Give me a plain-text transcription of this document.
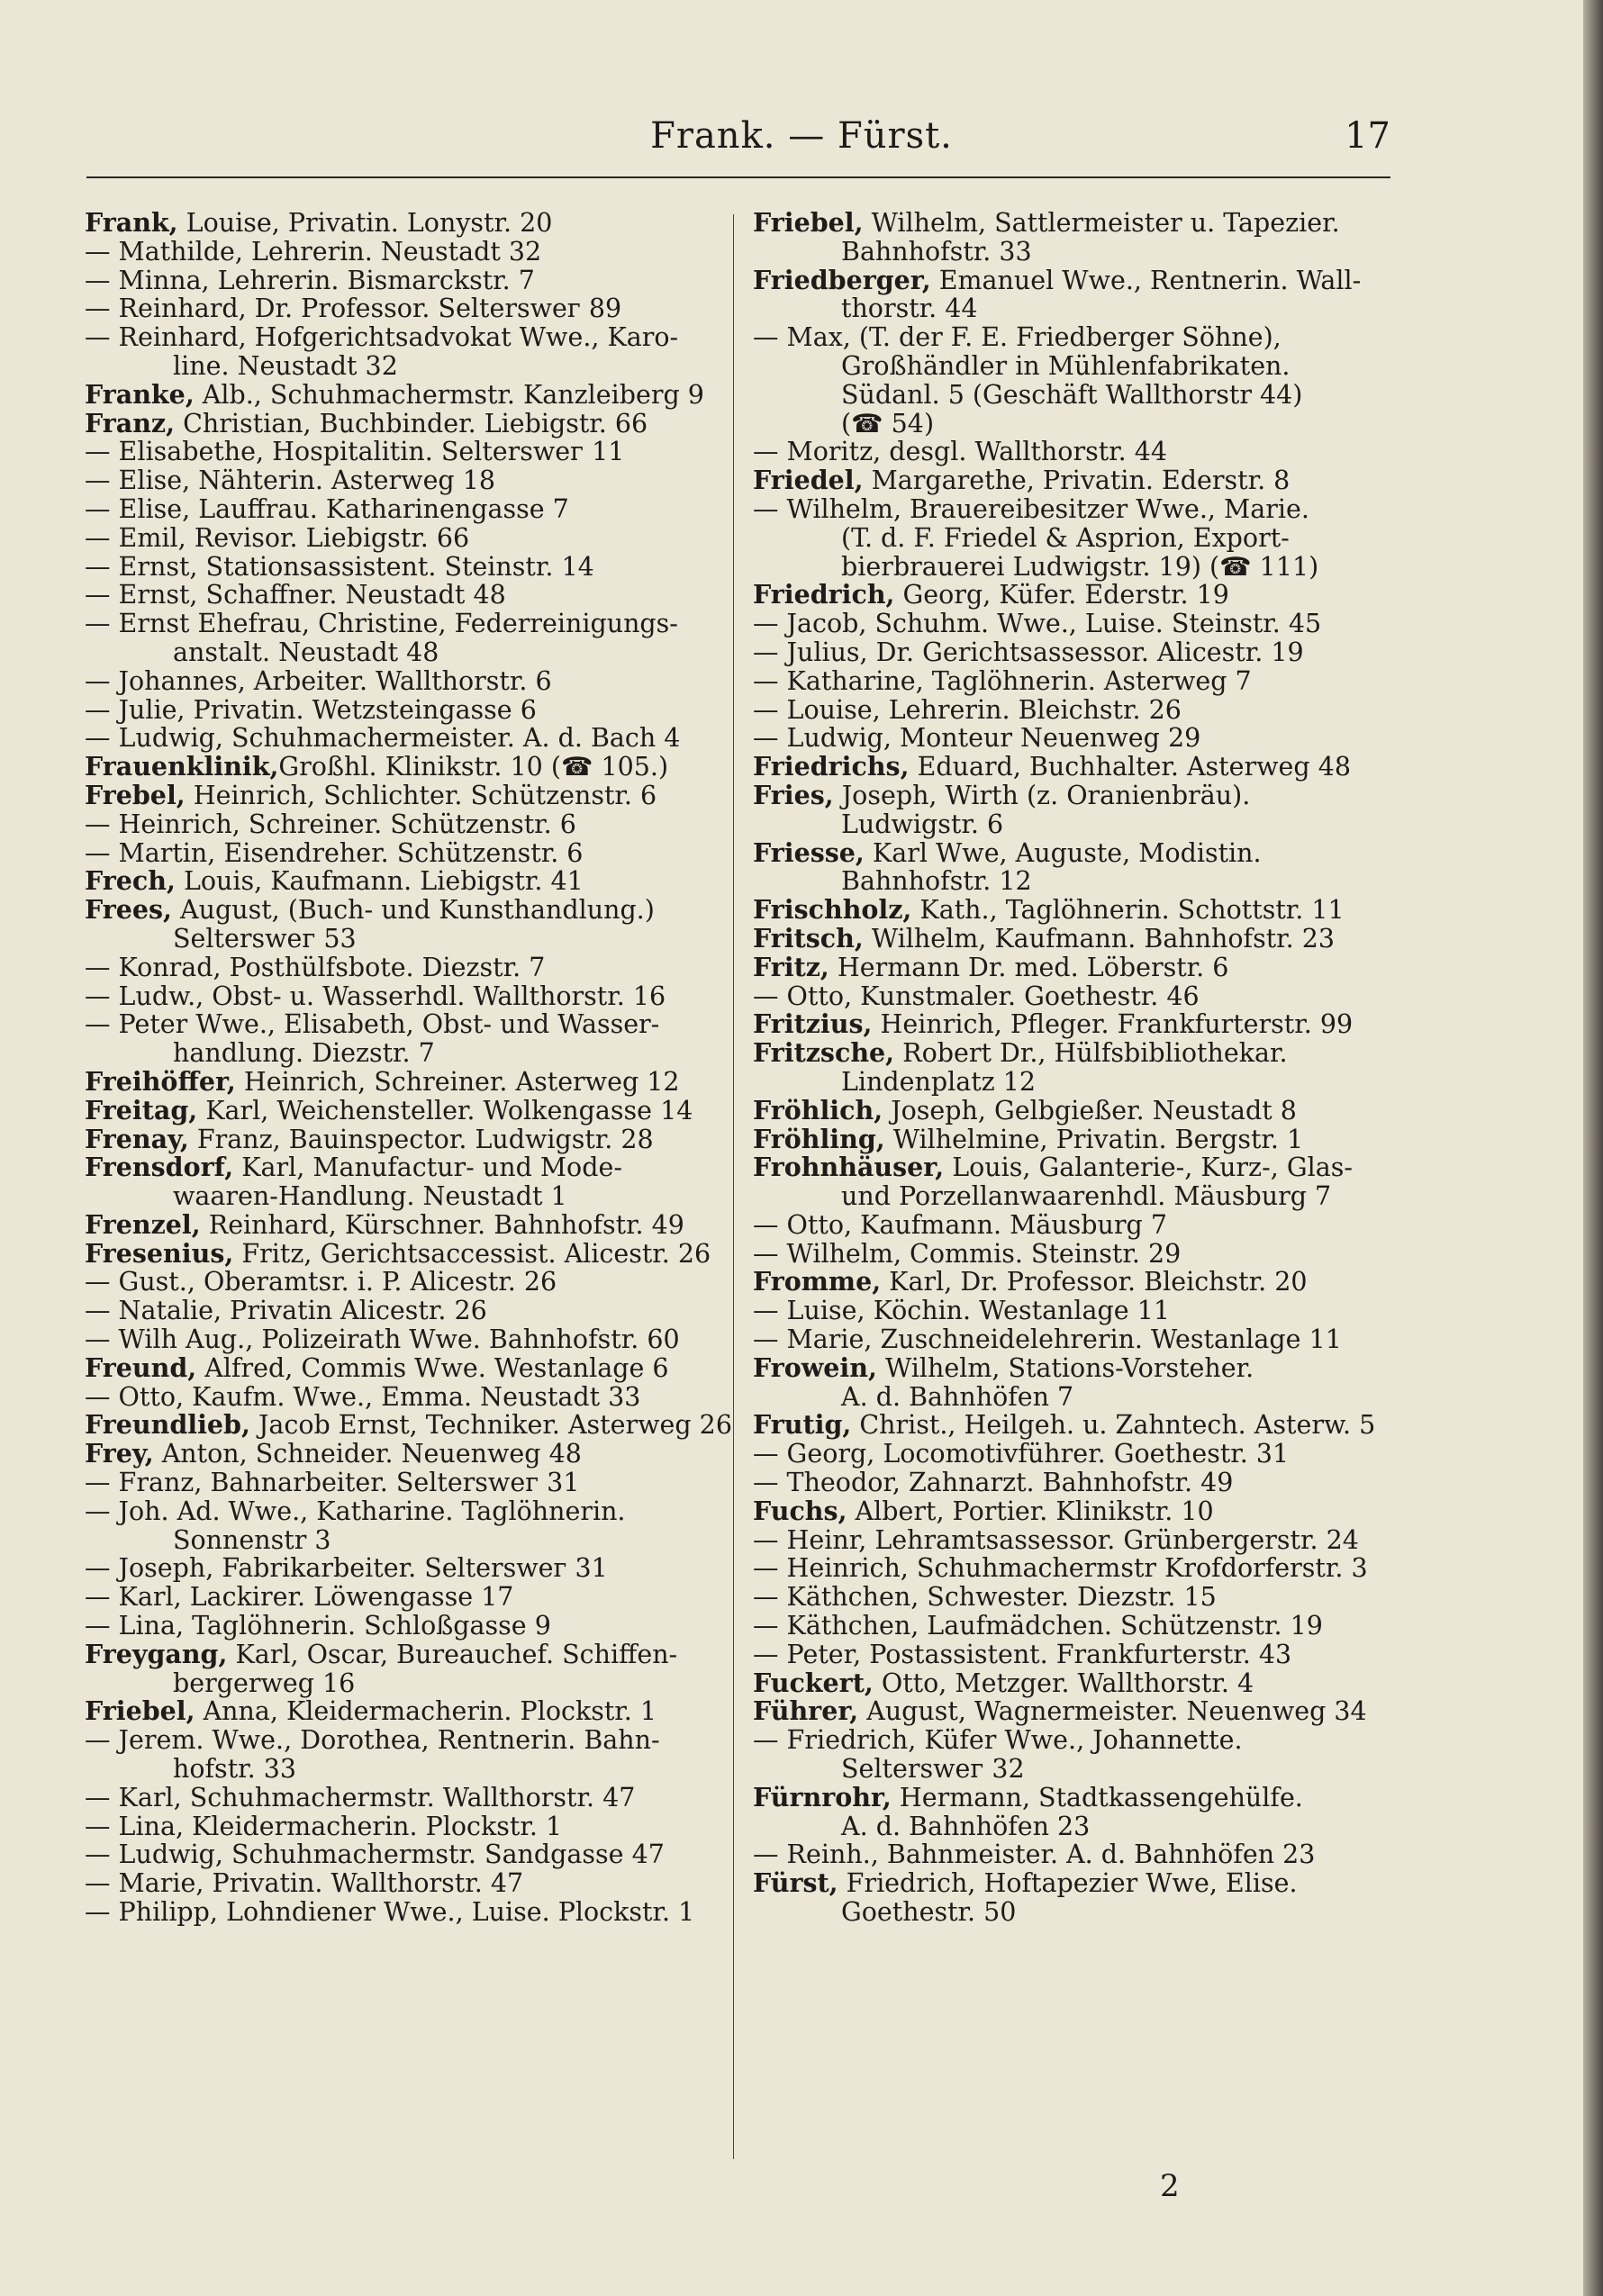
Frank. — Fürst.	17
Frank, Louise, Privatin. Lonystr. 20
— Mathilde, Lehrerin. Neustadt 32
— Minna, Lehrerin. Bismarckstr. 7
— Reinhard, Dr. Professor. Selterswег 89
— Reinhard, Hofgerichtsadvokat Wwe., Karo-
line. Neustadt 32
Franke, Alb., Schuhmachermstr. Kanzleiberg 9
Franz, Christian, Buchbinder. Liebigstr. 66
— Elisabethe, Hospitalitin. Selterswег 11
— Elise, Nähterin. Asterweg 18
— Elise, Lauffrau. Katharinengasse 7
— Emil, Revisor. Liebigstr. 66
— Ernst, Stationsassistent. Steinstr. 14
— Ernst, Schaffner. Neustadt 48
— Ernst Ehefrau, Christine, Federreinigungs-
anstalt. Neustadt 48
— Johannes, Arbeiter. Wallthorstr. 6
— Julie, Privatin. Wetzsteingasse 6
— Ludwig, Schuhmachermeister. A. d. Bach 4
Frauenklinik,Großhl. Klinikstr. 10 (☎ 105.)
Frebel, Heinrich, Schlichter. Schützenstr. 6
— Heinrich, Schreiner. Schützenstr. 6
— Martin, Eisendreher. Schützenstr. 6
Frech, Louis, Kaufmann. Liebigstr. 41
Frees, August, (Buch- und Kunsthandlung.)
Selterswег 53
— Konrad, Posthülfsbote. Diezstr. 7
— Ludw., Obst- u. Wasserhdl. Wallthorstr. 16
— Peter Wwe., Elisabeth, Obst- und Wasser-
handlung. Diezstr. 7
Freihöffer, Heinrich, Schreiner. Asterweg 12
Freitag, Karl, Weichensteller. Wolkengasse 14
Frenay, Franz, Bauinspector. Ludwigstr. 28
Frensdorf, Karl, Manufactur- und Mode-
waaren-Handlung. Neustadt 1
Frenzel, Reinhard, Kürschner. Bahnhofstr. 49
Fresenius, Fritz, Gerichtsaccessist. Alicestr. 26
— Gust., Oberamtsr. i. P. Alicestr. 26
— Natalie, Privatin Alicestr. 26
— Wilh Aug., Polizeirath Wwe. Bahnhofstr. 60
Freund, Alfred, Commis Wwe. Westanlage 6
— Otto, Kaufm. Wwe., Emma. Neustadt 33
Freundlieb, Jacob Ernst, Techniker. Asterweg 26
Frey, Anton, Schneider. Neuenweg 48
— Franz, Bahnarbeiter. Selterswег 31
— Joh. Ad. Wwe., Katharine. Taglöhnerin.
Sonnenstr 3
— Joseph, Fabrikarbeiter. Selterswег 31
— Karl, Lackirer. Löwengasse 17
— Lina, Taglöhnerin. Schloßgasse 9
Freygang, Karl, Oscar, Bureauchef. Schiffen-
bergerweg 16
Friebel, Anna, Kleidermacherin. Plockstr. 1
— Jerem. Wwe., Dorothea, Rentnerin. Bahn-
hofstr. 33
— Karl, Schuhmachermstr. Wallthorstr. 47
— Lina, Kleidermacherin. Plockstr. 1
— Ludwig, Schuhmachermstr. Sandgasse 47
— Marie, Privatin. Wallthorstr. 47
— Philipp, Lohndiener Wwe., Luise. Plockstr. 1
Friebel, Wilhelm, Sattlermeister u. Tapezier.
Bahnhofstr. 33
Friedberger, Emanuel Wwe., Rentnerin. Wall-
thorstr. 44
— Max, (T. der F. E. Friedberger Söhne),
Großhändler in Mühlenfabrikaten.
Südanl. 5 (Geschäft Wallthorstr 44)
(☎ 54)
— Moritz, desgl. Wallthorstr. 44
Friedel, Margarethe, Privatin. Ederstr. 8
— Wilhelm, Brauereibesitzer Wwe., Marie.
(T. d. F. Friedel & Asprion, Export-
bierbrauerei Ludwigstr. 19) (☎ 111)
Friedrich, Georg, Küfer. Ederstr. 19
— Jacob, Schuhm. Wwe., Luise. Steinstr. 45
— Julius, Dr. Gerichtsassessor. Alicestr. 19
— Katharine, Taglöhnerin. Asterweg 7
— Louise, Lehrerin. Bleichstr. 26
— Ludwig, Monteur Neuenweg 29
Friedrichs, Eduard, Buchhalter. Asterweg 48
Fries, Joseph, Wirth (z. Oranienbräu).
Ludwigstr. 6
Friesse, Karl Wwe, Auguste, Modistin.
Bahnhofstr. 12
Frischholz, Kath., Taglöhnerin. Schottstr. 11
Fritsch, Wilhelm, Kaufmann. Bahnhofstr. 23
Fritz, Hermann Dr. med. Löberstr. 6
— Otto, Kunstmaler. Goethestr. 46
Fritzius, Heinrich, Pfleger. Frankfurterstr. 99
Fritzsche, Robert Dr., Hülfsbibliothekar.
Lindenplatz 12
Fröhlich, Joseph, Gelbgießer. Neustadt 8
Fröhling, Wilhelmine, Privatin. Bergstr. 1
Frohnhäuser, Louis, Galanterie-, Kurz-, Glas-
und Porzellanwaarenhdl. Mäusburg 7
— Otto, Kaufmann. Mäusburg 7
— Wilhelm, Commis. Steinstr. 29
Fromme, Karl, Dr. Professor. Bleichstr. 20
— Luise, Köchin. Westanlage 11
— Marie, Zuschneidelehrerin. Westanlage 11
Frowein, Wilhelm, Stations-Vorsteher.
A. d. Bahnhöfen 7
Frutig, Christ., Heilgeh. u. Zahntech. Asterw. 5
— Georg, Locomotivführer. Goethestr. 31
— Theodor, Zahnarzt. Bahnhofstr. 49
Fuchs, Albert, Portier. Klinikstr. 10
— Heinr, Lehramtsassessor. Grünbergerstr. 24
— Heinrich, Schuhmachermstr Krofdorferstr. 3
— Käthchen, Schwester. Diezstr. 15
— Käthchen, Laufmädchen. Schützenstr. 19
— Peter, Postassistent. Frankfurterstr. 43
Fuckert, Otto, Metzger. Wallthorstr. 4
Führer, August, Wagnermeister. Neuenweg 34
— Friedrich, Küfer Wwe., Johannette.
Selterswег 32
Fürnrohr, Hermann, Stadtkassengehülfe.
A. d. Bahnhöfen 23
— Reinh., Bahnmeister. A. d. Bahnhöfen 23
Fürst, Friedrich, Hoftapezier Wwe, Elise.
Goethestr. 50
2
